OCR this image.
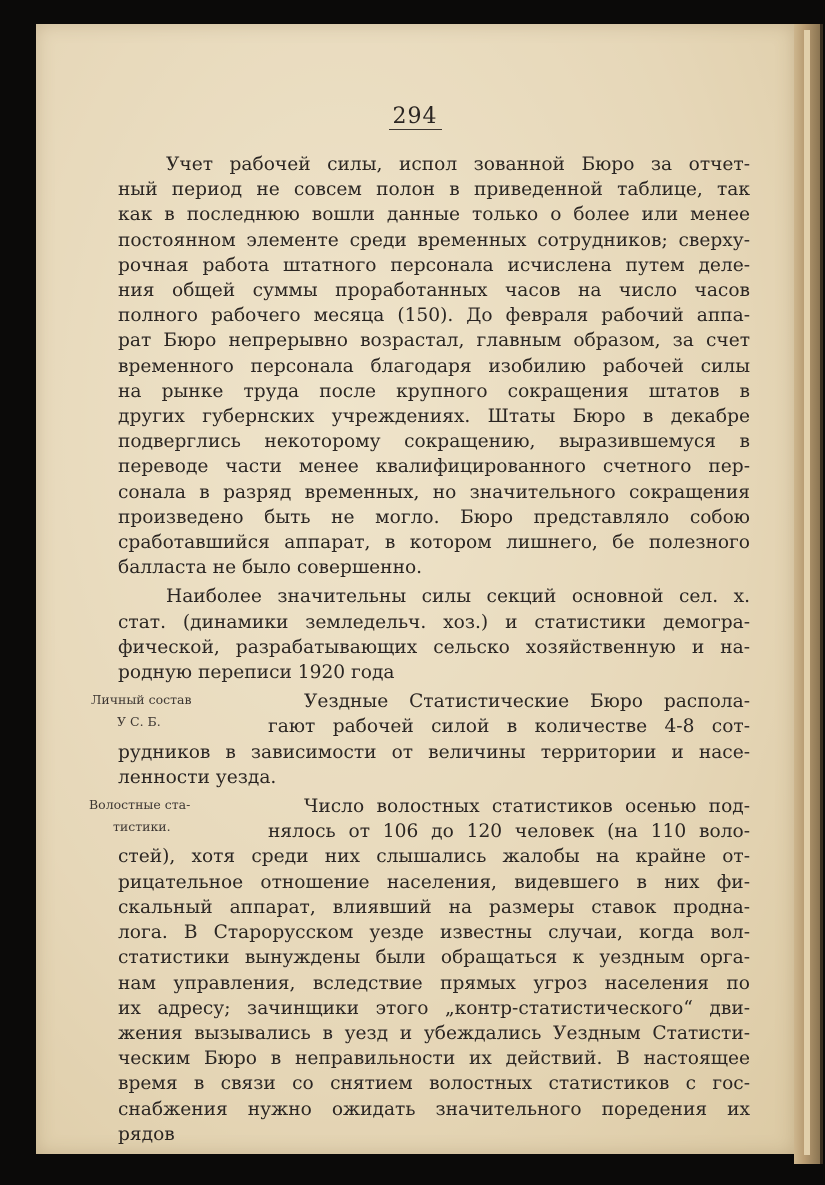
294
Учет рабочей силы, испол зованной Бюро за отчет-
ный период не совсем полон в приведенной таблице, так
как в последнюю вошли данные только о более или менее
постоянном элементе среди временных сотрудников; сверху-
рочная работа штатного персонала исчислена путем деле-
ния общей суммы проработанных часов на число часов
полного рабочего месяца (150). До февраля рабочий аппа-
рат Бюро непрерывно возрастал, главным образом, за счет
временного персонала благодаря изобилию рабочей силы
на рынке труда после крупного сокращения штатов в
других губернских учреждениях. Штаты Бюро в декабре
подверглись некоторому сокращению, выразившемуся в
переводе части менее квалифицированного счетного пер-
сонала в разряд временных, но значительного сокращения
произведено быть не могло. Бюро представляло собою
сработавшийся аппарат, в котором лишнего, бе полезного
балласта не было совершенно.
Наиболее значительны силы секций основной сел. х.
стат. (динамики земледельч. хоз.) и статистики демогра-
фической, разрабатывающих сельско хозяйственную и на-
родную переписи 1920 года
Личный состав
У С. Б.
Уездные Статистические Бюро распола-
гают рабочей силой в количестве 4-8 сот-
рудников в зависимости от величины территории и насе-
ленности уезда.
Волостные ста-
тистики.
Число волостных статистиков осенью под-
нялось от 106 до 120 человек (на 110 воло-
стей), хотя среди них слышались жалобы на крайне от-
рицательное отношение населения, видевшего в них фи-
скальный аппарат, влиявший на размеры ставок продна-
лога. В Старорусском уезде известны случаи, когда вол-
статистики вынуждены были обращаться к уездным орга-
нам управления, вследствие прямых угроз населения по
их адресу; зачинщики этого „контр-статистического“ дви-
жения вызывались в уезд и убеждались Уездным Статисти-
ческим Бюро в неправильности их действий. В настоящее
время в связи со снятием волостных статистиков с гос-
снабжения нужно ожидать значительного поредения их
рядов
